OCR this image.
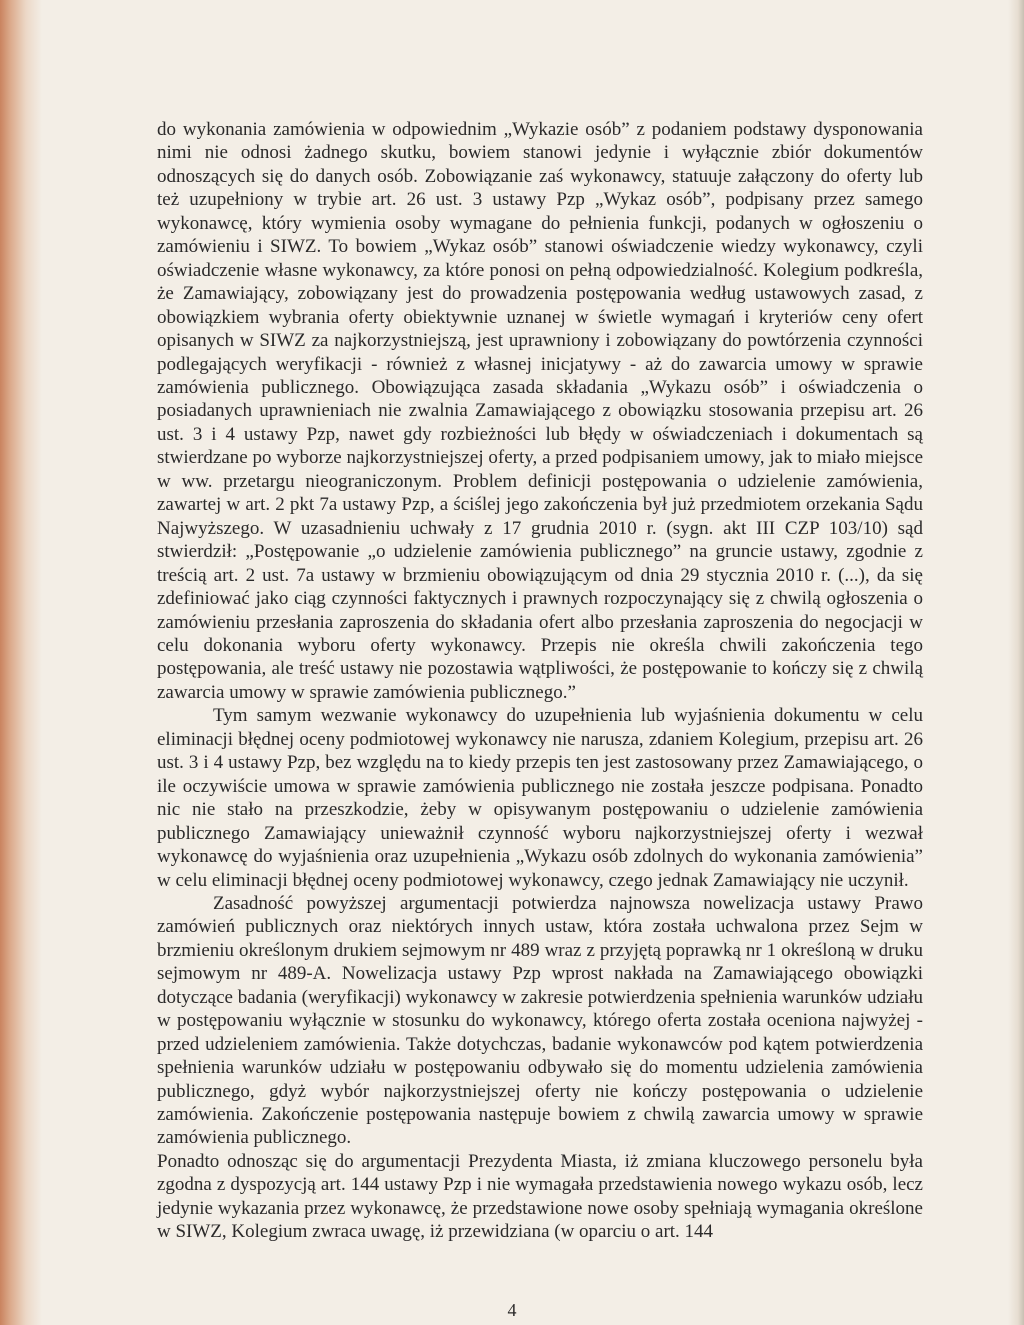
do wykonania zamówienia w odpowiednim „Wykazie osób” z podaniem podstawy dysponowania nimi nie odnosi żadnego skutku, bowiem stanowi jedynie i wyłącznie zbiór dokumentów odnoszących się do danych osób. Zobowiązanie zaś wykonawcy, statuuje załączony do oferty lub też uzupełniony w trybie art. 26 ust. 3 ustawy Pzp „Wykaz osób”, podpisany przez samego wykonawcę, który wymienia osoby wymagane do pełnienia funkcji, podanych w ogłoszeniu o zamówieniu i SIWZ. To bowiem „Wykaz osób” stanowi oświadczenie wiedzy wykonawcy, czyli oświadczenie własne wykonawcy, za które ponosi on pełną odpowiedzialność. Kolegium podkreśla, że Zamawiający, zobowiązany jest do prowadzenia postępowania według ustawowych zasad, z obowiązkiem wybrania oferty obiektywnie uznanej w świetle wymagań i kryteriów ceny ofert opisanych w SIWZ za najkorzystniejszą, jest uprawniony i zobowiązany do powtórzenia czynności podlegających weryfikacji - również z własnej inicjatywy - aż do zawarcia umowy w sprawie zamówienia publicznego. Obowiązująca zasada składania „Wykazu osób” i oświadczenia o posiadanych uprawnieniach nie zwalnia Zamawiającego z obowiązku stosowania przepisu art. 26 ust. 3 i 4 ustawy Pzp, nawet gdy rozbieżności lub błędy w oświadczeniach i dokumentach są stwierdzane po wyborze najkorzystniejszej oferty, a przed podpisaniem umowy, jak to miało miejsce w ww. przetargu nieograniczonym. Problem definicji postępowania o udzielenie zamówienia, zawartej w art. 2 pkt 7a ustawy Pzp, a ściślej jego zakończenia był już przedmiotem orzekania Sądu Najwyższego. W uzasadnieniu uchwały z 17 grudnia 2010 r. (sygn. akt III CZP 103/10) sąd stwierdził: „Postępowanie „o udzielenie zamówienia publicznego” na gruncie ustawy, zgodnie z treścią art. 2 ust. 7a ustawy w brzmieniu obowiązującym od dnia 29 stycznia 2010 r. (...), da się zdefiniować jako ciąg czynności faktycznych i prawnych rozpoczynający się z chwilą ogłoszenia o zamówieniu przesłania zaproszenia do składania ofert albo przesłania zaproszenia do negocjacji w celu dokonania wyboru oferty wykonawcy. Przepis nie określa chwili zakończenia tego postępowania, ale treść ustawy nie pozostawia wątpliwości, że postępowanie to kończy się z chwilą zawarcia umowy w sprawie zamówienia publicznego.”

Tym samym wezwanie wykonawcy do uzupełnienia lub wyjaśnienia dokumentu w celu eliminacji błędnej oceny podmiotowej wykonawcy nie narusza, zdaniem Kolegium, przepisu art. 26 ust. 3 i 4 ustawy Pzp, bez względu na to kiedy przepis ten jest zastosowany przez Zamawiającego, o ile oczywiście umowa w sprawie zamówienia publicznego nie została jeszcze podpisana. Ponadto nic nie stało na przeszkodzie, żeby w opisywanym postępowaniu o udzielenie zamówienia publicznego Zamawiający unieważnił czynność wyboru najkorzystniejszej oferty i wezwał wykonawcę do wyjaśnienia oraz uzupełnienia „Wykazu osób zdolnych do wykonania zamówienia” w celu eliminacji błędnej oceny podmiotowej wykonawcy, czego jednak Zamawiający nie uczynił.

Zasadność powyższej argumentacji potwierdza najnowsza nowelizacja ustawy Prawo zamówień publicznych oraz niektórych innych ustaw, która została uchwalona przez Sejm w brzmieniu określonym drukiem sejmowym nr 489 wraz z przyjętą poprawką nr 1 określoną w druku sejmowym nr 489-A. Nowelizacja ustawy Pzp wprost nakłada na Zamawiającego obowiązki dotyczące badania (weryfikacji) wykonawcy w zakresie potwierdzenia spełnienia warunków udziału w postępowaniu wyłącznie w stosunku do wykonawcy, którego oferta została oceniona najwyżej - przed udzieleniem zamówienia. Także dotychczas, badanie wykonawców pod kątem potwierdzenia spełnienia warunków udziału w postępowaniu odbywało się do momentu udzielenia zamówienia publicznego, gdyż wybór najkorzystniejszej oferty nie kończy postępowania o udzielenie zamówienia. Zakończenie postępowania następuje bowiem z chwilą zawarcia umowy w sprawie zamówienia publicznego.

Ponadto odnosząc się do argumentacji Prezydenta Miasta, iż zmiana kluczowego personelu była zgodna z dyspozycją art. 144 ustawy Pzp i nie wymagała przedstawienia nowego wykazu osób, lecz jedynie wykazania przez wykonawcę, że przedstawione nowe osoby spełniają wymagania określone w SIWZ, Kolegium zwraca uwagę, iż przewidziana (w oparciu o art. 144

4
